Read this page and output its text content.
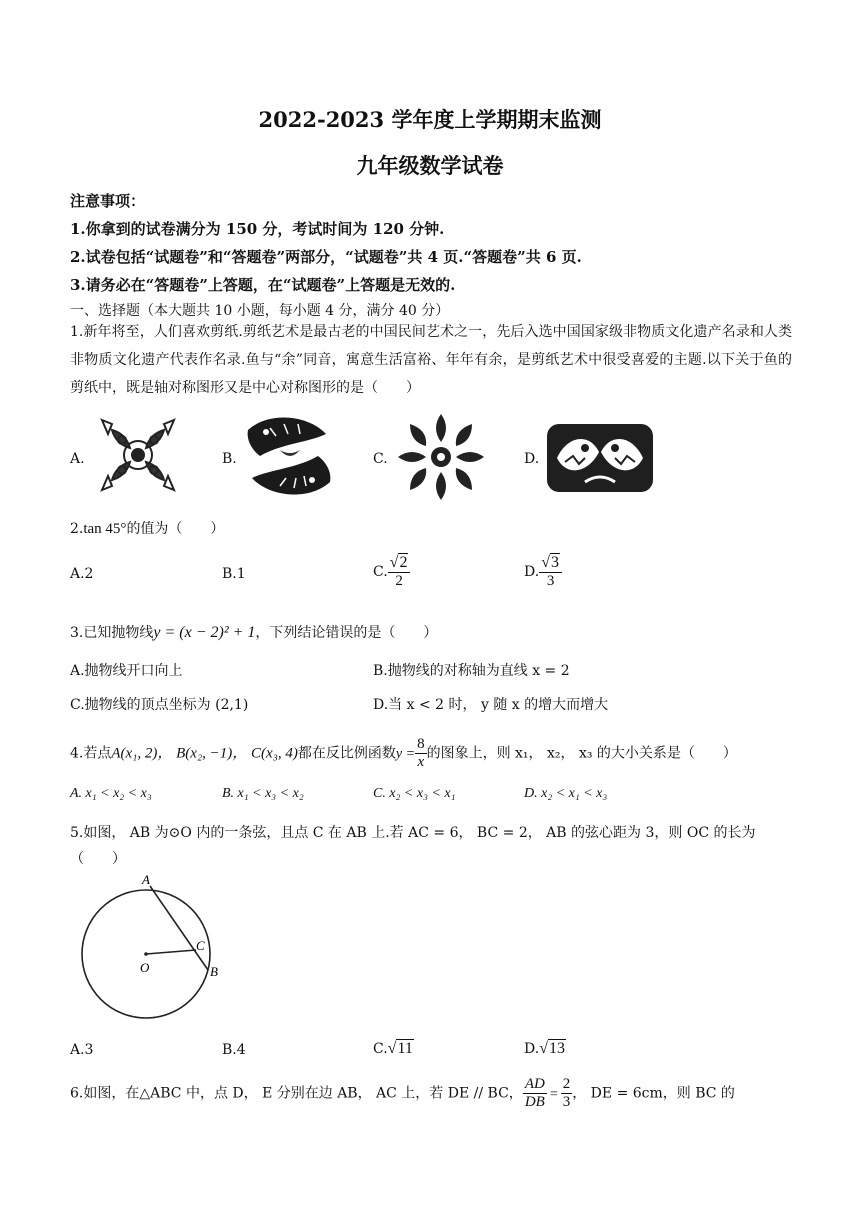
2022-2023 学年度上学期期末监测
九年级数学试卷
注意事项：
1.你拿到的试卷满分为 150 分，考试时间为 120 分钟.
2.试卷包括“试题卷”和“答题卷”两部分，“试题卷”共 4 页.“答题卷”共 6 页.
3.请务必在“答题卷”上答题，在“试题卷”上答题是无效的.
一、选择题（本大题共 10 小题，每小题 4 分，满分 40 分）
1.新年将至，人们喜欢剪纸.剪纸艺术是最古老的中国民间艺术之一，先后入选中国国家级非物质文化遗产名录和人类非物质文化遗产代表作名录.鱼与“余”同音，寓意生活富裕、年年有余，是剪纸艺术中很受喜爱的主题.以下关于鱼的剪纸中，既是轴对称图形又是中心对称图形的是（　　）
A.	B.	C.	D.
2.tan 45°的值为（　　）
A.2	B.1	C. $\frac{√2}{2}$	D. $\frac{√3}{3}$
3.已知抛物线y = (x − 2)² + 1，下列结论错误的是（　　）
A.抛物线开口向上	B.抛物线的对称轴为直线 x = 2
C.抛物线的顶点坐标为 (2,1)	D.当 x < 2 时， y 随 x 的增大而增大
4.若点A(x₁, 2)， B(x₂, −1)， C(x₃, 4)都在反比例函数$y = \frac{8}{x}$ 的图象上，则 x₁， x₂， x₃ 的大小关系是（　　）
A. x₁ < x₂ < x₃	B. x₁ < x₃ < x₂	C. x₂ < x₃ < x₁	D. x₂ < x₁ < x₃
5.如图， AB 为⊙O 内的一条弦，且点 C 在 AB 上.若 AC = 6， BC = 2， AB 的弦心距为 3，则 OC 的长为
（　　）
A
C
O	B
A.3	B.4	C.√11	D.√13
6.如图，在△ABC 中，点 D， E 分别在边 AB， AC 上，若 DE // BC， $\frac{AD}{DB} = \frac{2}{3}$ ， DE = 6cm，则 BC 的
